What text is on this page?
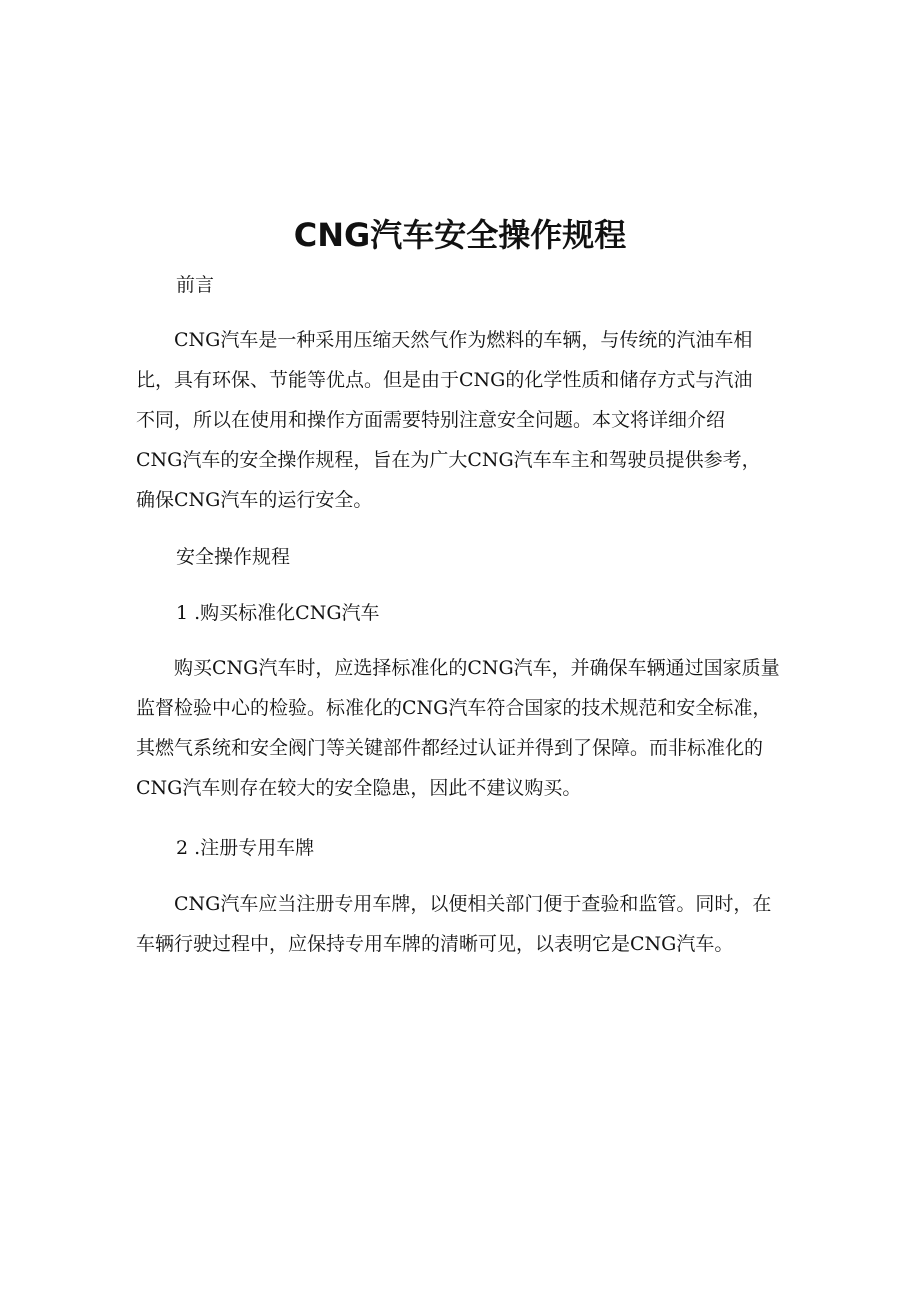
CNG汽车安全操作规程

前言

CNG汽车是一种采用压缩天然气作为燃料的车辆，与传统的汽油车相
比，具有环保、节能等优点。但是由于CNG的化学性质和储存方式与汽油
不同，所以在使用和操作方面需要特别注意安全问题。本文将详细介绍
CNG汽车的安全操作规程，旨在为广大CNG汽车车主和驾驶员提供参考，
确保CNG汽车的运行安全。

安全操作规程

1 .购买标准化CNG汽车

购买CNG汽车时，应选择标准化的CNG汽车，并确保车辆通过国家质量
监督检验中心的检验。标准化的CNG汽车符合国家的技术规范和安全标准，
其燃气系统和安全阀门等关键部件都经过认证并得到了保障。而非标准化的
CNG汽车则存在较大的安全隐患，因此不建议购买。

2 .注册专用车牌

CNG汽车应当注册专用车牌，以便相关部门便于查验和监管。同时，在
车辆行驶过程中，应保持专用车牌的清晰可见，以表明它是CNG汽车。
